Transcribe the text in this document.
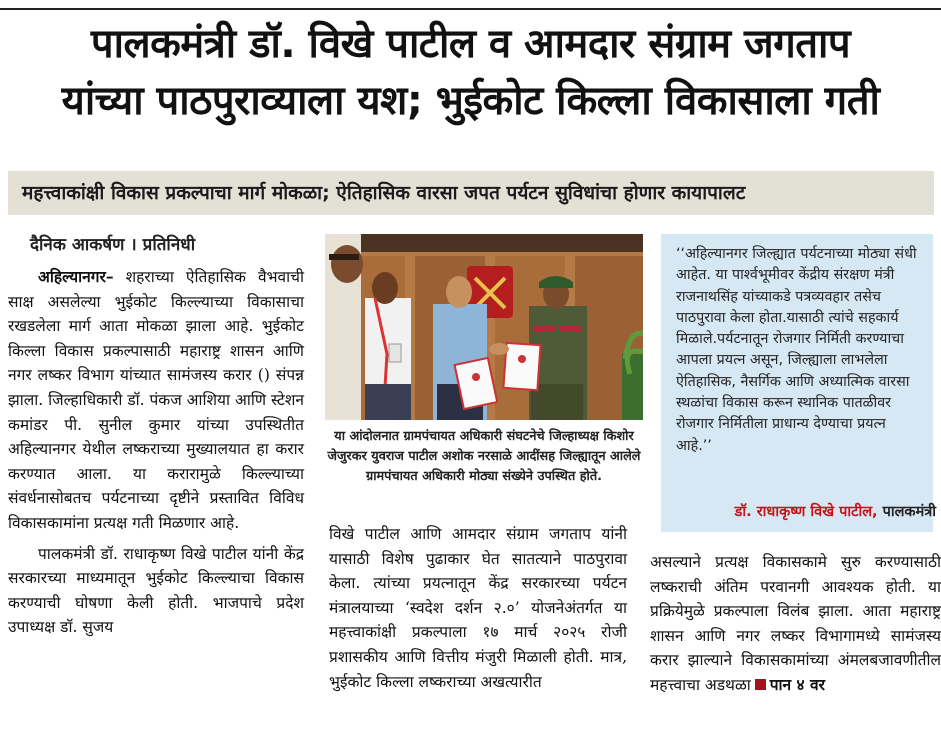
पालकमंत्री डॉ. विखे पाटील व आमदार संग्राम जगताप
यांच्या पाठपुराव्याला यश; भुईकोट किल्ला विकासाला गती
महत्त्वाकांक्षी विकास प्रकल्पाचा मार्ग मोकळा; ऐतिहासिक वारसा जपत पर्यटन सुविधांचा होणार कायापालट
दैनिक आकर्षण । प्रतिनिधी

अहिल्यानगर– शहराच्या ऐतिहासिक वैभवाची साक्ष असलेल्या भुईकोट किल्ल्याच्या विकासाचा रखडलेला मार्ग आता मोकळा झाला आहे. भुईकोट किल्ला विकास प्रकल्पासाठी महाराष्ट्र शासन आणि नगर लष्कर विभाग यांच्यात सामंजस्य करार () संपन्न झाला. जिल्हाधिकारी डॉ. पंकज आशिया आणि स्टेशन कमांडर पी. सुनील कुमार यांच्या उपस्थितीत अहिल्यानगर येथील लष्कराच्या मुख्यालयात हा करार करण्यात आला. या करारामुळे किल्ल्याच्या संवर्धनासोबतच पर्यटनाच्या दृष्टीने प्रस्तावित विविध विकासकामांना प्रत्यक्ष गती मिळणार आहे.

पालकमंत्री डॉ. राधाकृष्ण विखे पाटील यांनी केंद्र सरकारच्या माध्यमातून भुईकोट किल्ल्याचा विकास करण्याची घोषणा केली होती. भाजपाचे प्रदेश उपाध्यक्ष डॉ. सुजय

या आंदोलनात ग्रामपंचायत अधिकारी संघटनेचे जिल्हाध्यक्ष किशोर जेजुरकर युवराज पाटील अशोक नरसाळे आदींसह जिल्ह्यातून आलेले ग्रामपंचायत अधिकारी मोठ्या संख्येने उपस्थित होते.

विखे पाटील आणि आमदार संग्राम जगताप यांनी यासाठी विशेष पुढाकार घेत सातत्याने पाठपुरावा केला. त्यांच्या प्रयत्नातून केंद्र सरकारच्या पर्यटन मंत्रालयाच्या ‘स्वदेश दर्शन २.०’ योजनेअंतर्गत या महत्त्वाकांक्षी प्रकल्पाला १७ मार्च २०२५ रोजी प्रशासकीय आणि वित्तीय मंजुरी मिळाली होती. मात्र, भुईकोट किल्ला लष्कराच्या अखत्यारीत

‘‘अहिल्यानगर जिल्ह्यात पर्यटनाच्या मोठ्या संधी आहेत. या पार्श्वभूमीवर केंद्रीय संरक्षण मंत्री राजनाथसिंह यांच्याकडे पत्रव्यवहार तसेच पाठपुरावा केला होता.यासाठी त्यांचे सहकार्य मिळाले.पर्यटनातून रोजगार निर्मिती करण्याचा आपला प्रयत्न असून, जिल्ह्याला लाभलेला ऐतिहासिक, नैसर्गिक आणि अध्यात्मिक वारसा स्थळांचा विकास करून स्थानिक पातळीवर रोजगार निर्मितीला प्राधान्य देण्याचा प्रयत्न आहे.’’
डॉ. राधाकृष्ण विखे पाटील, पालकमंत्री

असल्याने प्रत्यक्ष विकासकामे सुरु करण्यासाठी लष्कराची अंतिम परवानगी आवश्यक होती. या प्रक्रियेमुळे प्रकल्पाला विलंब झाला. आता महाराष्ट्र शासन आणि नगर लष्कर विभागामध्ये सामंजस्य करार झाल्याने विकासकामांच्या अंमलबजावणीतील महत्त्वाचा अडथळा पान ४ वर
